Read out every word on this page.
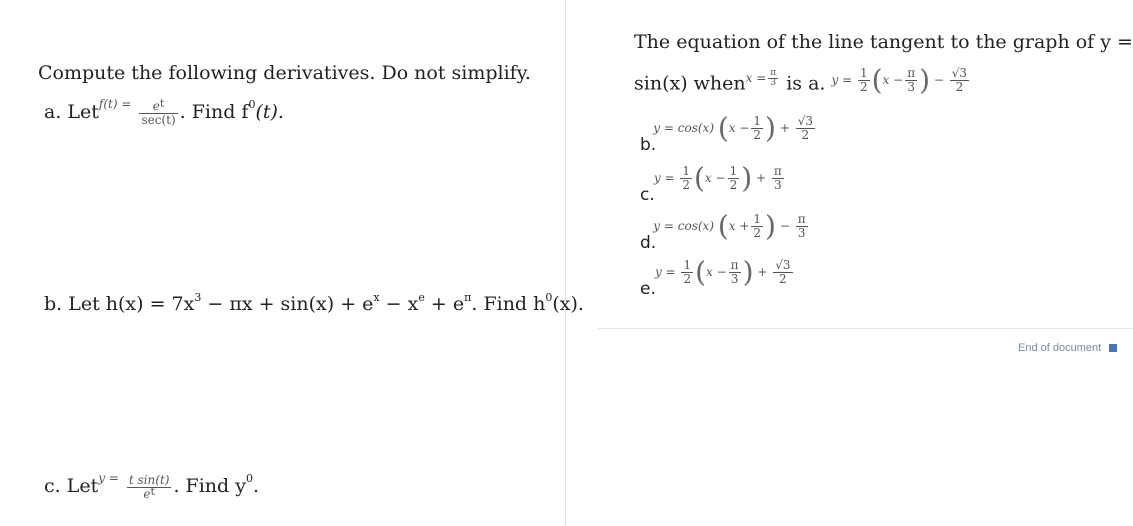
Compute the following derivatives. Do not simplify.
a. $Let^{f(t) =} \frac{et}{\sec(t)}$ . Find $f^0(t)$.
b. Let $h(x) = 7x^3 - \pi x + \sin(x) + e^x - x^e + e^\pi$. Find $h^0(x)$.
c. $Let^{y =} \frac{\text{t sin(t)}}{et}$ . Find $y^0$.
The equation of the line tangent to the graph of y =
sin(x) when$^{x =}$ $\frac{\pi}{3}$ is a. $^{y = \frac{1}{2} (x - \frac{\pi}{3} ) - \frac{√3}{2}}$
b. $^{y = cos(x) (x - \frac{1}{2} ) + \frac{√3}{2}}$
c. $^{y = \frac{1}{2} (x - \frac{1}{2} ) + \frac{\pi}{3}}$
d. $^{y = cos(x) (x + \frac{1}{2} ) - \frac{\pi}{3}}$
e. $^{y = \frac{1}{2} (x - \frac{\pi}{3} ) + \frac{√3}{2}}$
End of document
